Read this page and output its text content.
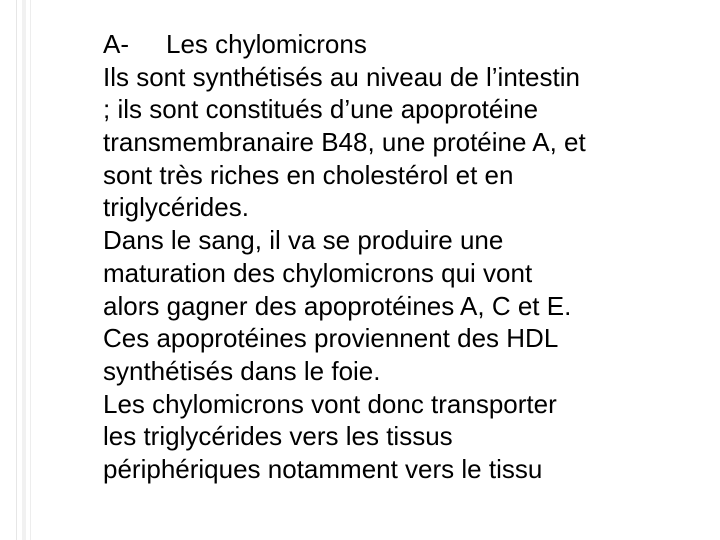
A- Les chylomicrons
Ils sont synthétisés au niveau de l’intestin
; ils sont constitués d’une apoprotéine
transmembranaire B48, une protéine A, et
sont très riches en cholestérol et en
triglycérides.
Dans le sang, il va se produire une
maturation des chylomicrons qui vont
alors gagner des apoprotéines A, C et E.
Ces apoprotéines proviennent des HDL
synthétisés dans le foie.
Les chylomicrons vont donc transporter
les triglycérides vers les tissus
périphériques notamment vers le tissu
